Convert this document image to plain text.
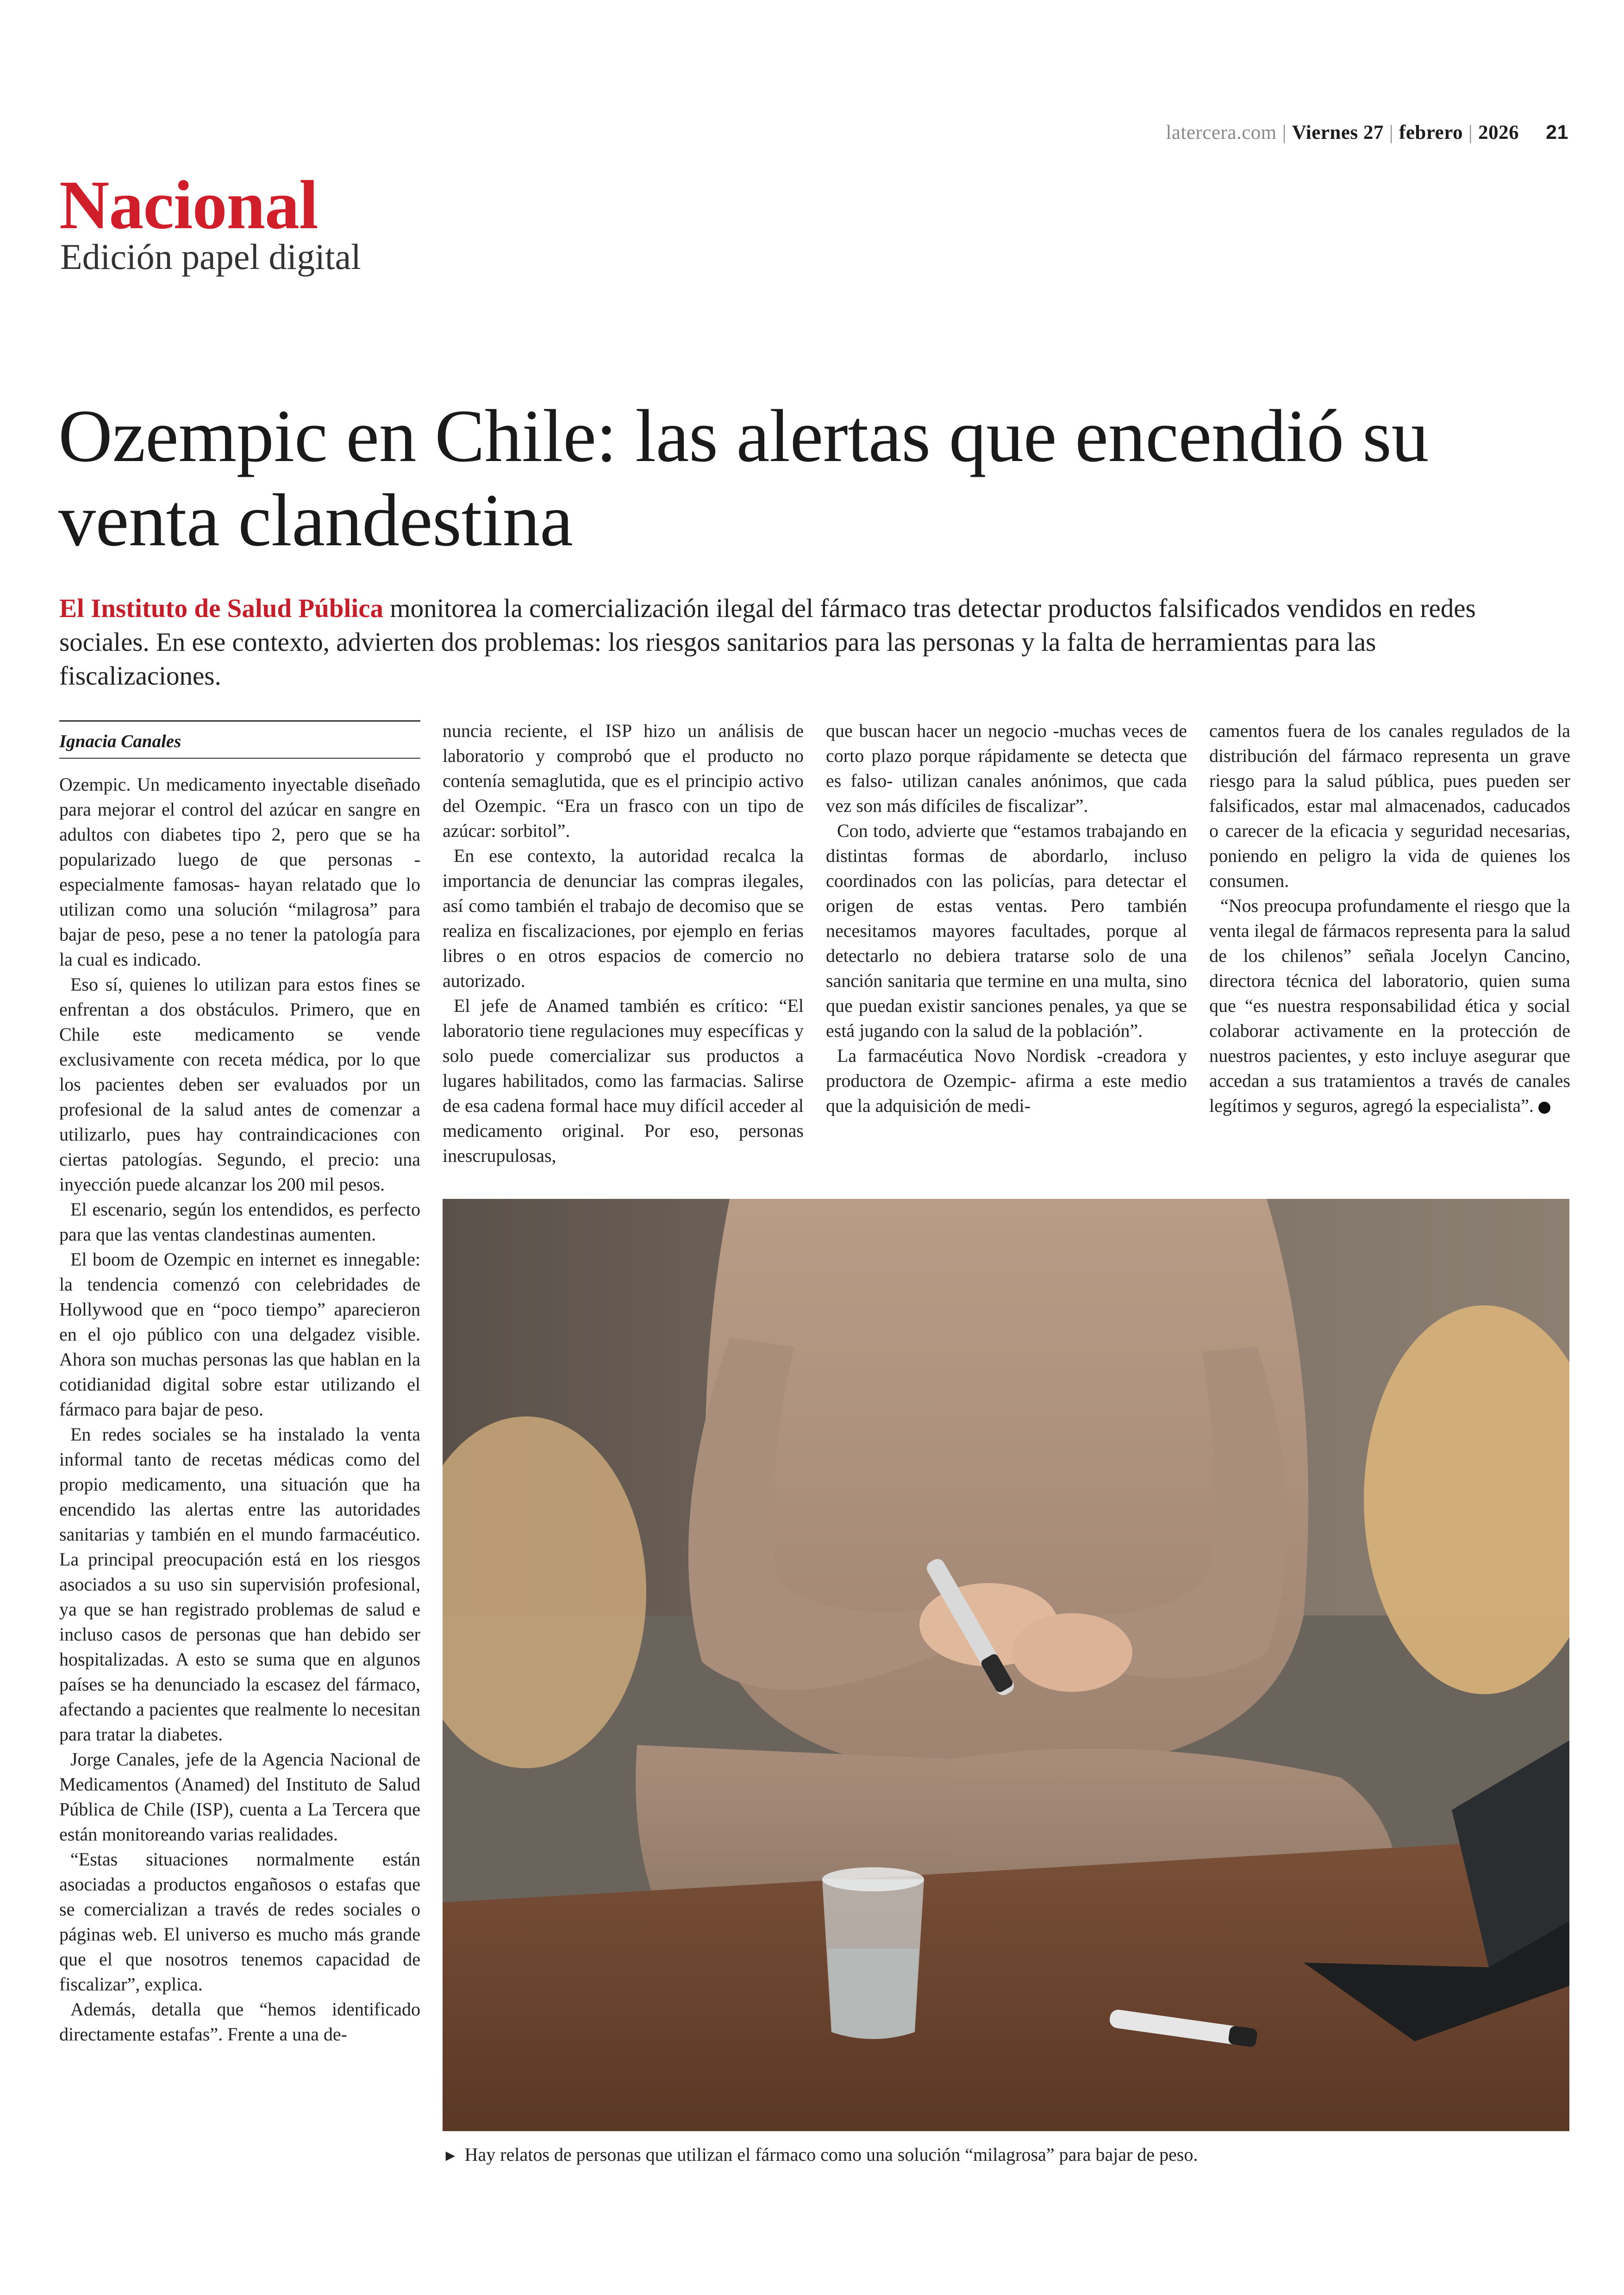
latercera.com | Viernes 27 | febrero | 2026 21
Nacional
Edición papel digital
Ozempic en Chile: las alertas que encendió su venta clandestina
El Instituto de Salud Pública monitorea la comercialización ilegal del fármaco tras detectar productos falsificados vendidos en redes sociales. En ese contexto, advierten dos problemas: los riesgos sanitarios para las personas y la falta de herramientas para las fiscalizaciones.
Ignacia Canales

Ozempic. Un medicamento inyectable diseñado para mejorar el control del azúcar en sangre en adultos con diabetes tipo 2, pero que se ha popularizado luego de que personas -especialmente famosas- hayan relatado que lo utilizan como una solución “milagrosa” para bajar de peso, pese a no tener la patología para la cual es indicado.

Eso sí, quienes lo utilizan para estos fines se enfrentan a dos obstáculos. Primero, que en Chile este medicamento se vende exclusivamente con receta médica, por lo que los pacientes deben ser evaluados por un profesional de la salud antes de comenzar a utilizarlo, pues hay contraindicaciones con ciertas patologías. Segundo, el precio: una inyección puede alcanzar los 200 mil pesos.

El escenario, según los entendidos, es perfecto para que las ventas clandestinas aumenten.

El boom de Ozempic en internet es innegable: la tendencia comenzó con celebridades de Hollywood que en “poco tiempo” aparecieron en el ojo público con una delgadez visible. Ahora son muchas personas las que hablan en la cotidianidad digital sobre estar utilizando el fármaco para bajar de peso.

En redes sociales se ha instalado la venta informal tanto de recetas médicas como del propio medicamento, una situación que ha encendido las alertas entre las autoridades sanitarias y también en el mundo farmacéutico. La principal preocupación está en los riesgos asociados a su uso sin supervisión profesional, ya que se han registrado problemas de salud e incluso casos de personas que han debido ser hospitalizadas. A esto se suma que en algunos países se ha denunciado la escasez del fármaco, afectando a pacientes que realmente lo necesitan para tratar la diabetes.

Jorge Canales, jefe de la Agencia Nacional de Medicamentos (Anamed) del Instituto de Salud Pública de Chile (ISP), cuenta a La Tercera que están monitoreando varias realidades.

“Estas situaciones normalmente están asociadas a productos engañosos o estafas que se comercializan a través de redes sociales o páginas web. El universo es mucho más grande que el que nosotros tenemos capacidad de fiscalizar”, explica.

Además, detalla que “hemos identificado directamente estafas”. Frente a una de-

nuncia reciente, el ISP hizo un análisis de laboratorio y comprobó que el producto no contenía semaglutida, que es el principio activo del Ozempic. “Era un frasco con un tipo de azúcar: sorbitol”.

En ese contexto, la autoridad recalca la importancia de denunciar las compras ilegales, así como también el trabajo de decomiso que se realiza en fiscalizaciones, por ejemplo en ferias libres o en otros espacios de comercio no autorizado.

El jefe de Anamed también es crítico: “El laboratorio tiene regulaciones muy específicas y solo puede comercializar sus productos a lugares habilitados, como las farmacias. Salirse de esa cadena formal hace muy difícil acceder al medicamento original. Por eso, personas inescrupulosas,

que buscan hacer un negocio -muchas veces de corto plazo porque rápidamente se detecta que es falso- utilizan canales anónimos, que cada vez son más difíciles de fiscalizar”.

Con todo, advierte que “estamos trabajando en distintas formas de abordarlo, incluso coordinados con las policías, para detectar el origen de estas ventas. Pero también necesitamos mayores facultades, porque al detectarlo no debiera tratarse solo de una sanción sanitaria que termine en una multa, sino que puedan existir sanciones penales, ya que se está jugando con la salud de la población”.

La farmacéutica Novo Nordisk -creadora y productora de Ozempic- afirma a este medio que la adquisición de medi-

camentos fuera de los canales regulados de la distribución del fármaco representa un grave riesgo para la salud pública, pues pueden ser falsificados, estar mal almacenados, caducados o carecer de la eficacia y seguridad necesarias, poniendo en peligro la vida de quienes los consumen.

“Nos preocupa profundamente el riesgo que la venta ilegal de fármacos representa para la salud de los chilenos” señala Jocelyn Cancino, directora técnica del laboratorio, quien suma que “es nuestra responsabilidad ética y social colaborar activamente en la protección de nuestros pacientes, y esto incluye asegurar que accedan a sus tratamientos a través de canales legítimos y seguros, agregó la especialista”.

► Hay relatos de personas que utilizan el fármaco como una solución “milagrosa” para bajar de peso.
